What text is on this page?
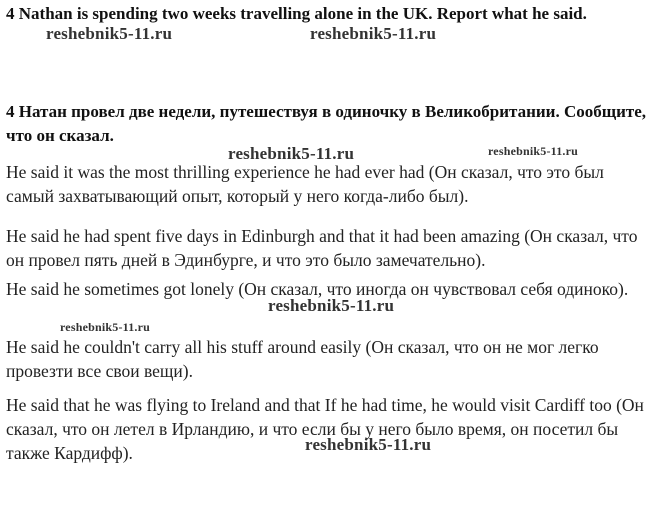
4 Nathan is spending two weeks travelling alone in the UK. Report what he said.
4 Натан провел две недели, путешествуя в одиночку в Великобритании. Сообщите, что он сказал.

He said it was the most thrilling experience he had ever had (Он сказал, что это был самый захватывающий опыт, который у него когда-либо был).

He said he had spent five days in Edinburgh and that it had been amazing (Он сказал, что он провел пять дней в Эдинбурге, и что это было замечательно).

He said he sometimes got lonely (Он сказал, что иногда он чувствовал себя одиноко).

He said he couldn't carry all his stuff around easily (Он сказал, что он не мог легко провезти все свои вещи).

He said that he was flying to Ireland and that If he had time, he would visit Cardiff too (Он сказал, что он летел в Ирландию, и что если бы у него было время, он посетил бы также Кардифф).

reshebnik5-11.ru	reshebnik5-11.ru
reshebnik5-11.ru	reshebnik5-11.ru
reshebnik5-11.ru
reshebnik5-11.ru
reshebnik5-11.ru
